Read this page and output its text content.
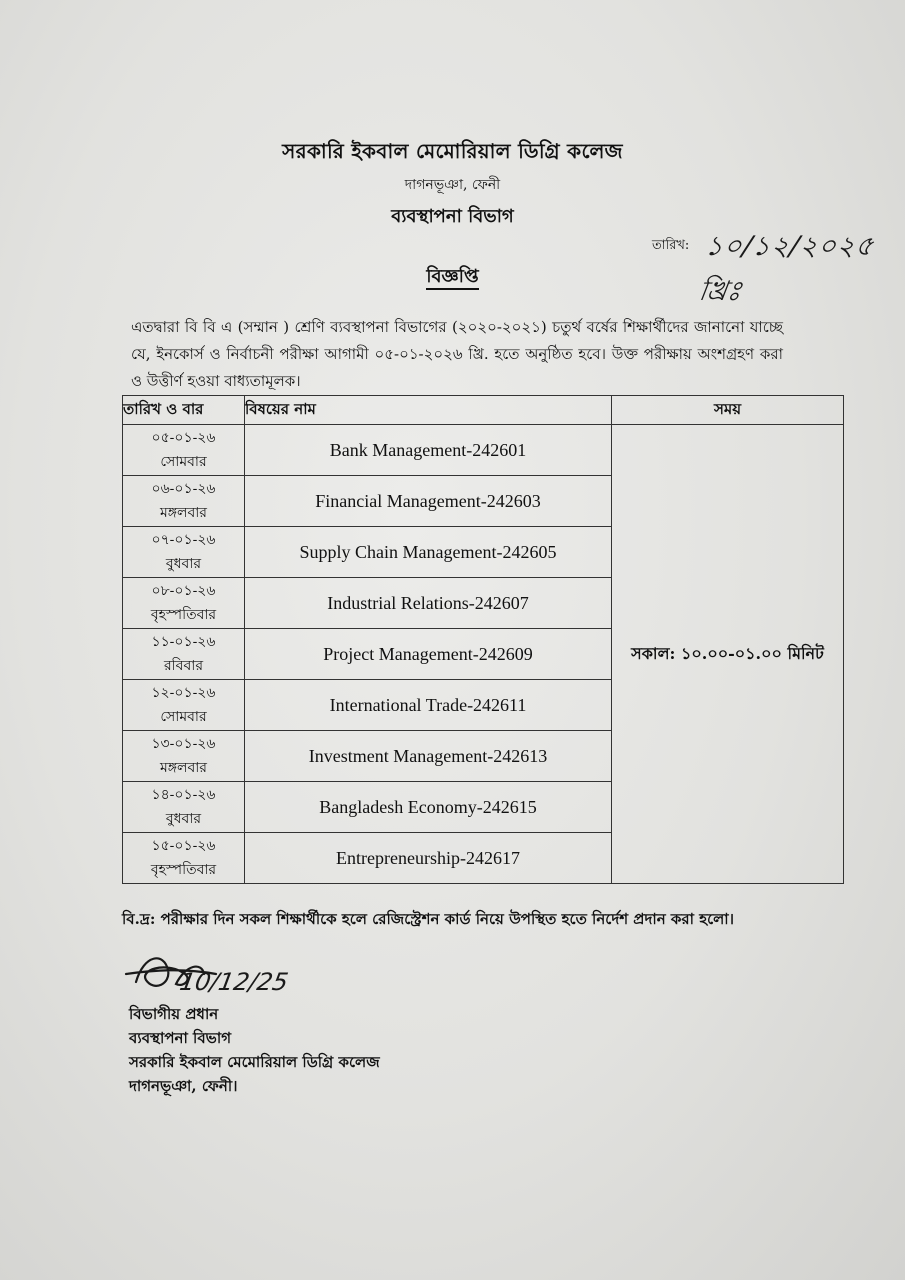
সরকারি ইকবাল মেমোরিয়াল ডিগ্রি কলেজ
দাগনভূঞা, ফেনী
ব্যবস্থাপনা বিভাগ
তারিখ: ১০/১২/২০২৫ খ্রিঃ
বিজ্ঞপ্তি
এতদ্বারা বি বি এ (সম্মান ) শ্রেণি ব্যবস্থাপনা বিভাগের (২০২০-২০২১) চতুর্থ বর্ষের শিক্ষার্থীদের জানানো যাচ্ছে যে, ইনকোর্স ও নির্বাচনী পরীক্ষা আগামী ০৫-০১-২০২৬ খ্রি. হতে অনুষ্ঠিত হবে। উক্ত পরীক্ষায় অংশগ্রহণ করা ও উত্তীর্ণ হওয়া বাধ্যতামূলক।
তারিখ ও বার	বিষয়ের নাম	সময়

০৫-০১-২৬
সোমবার	Bank Management-242601	সকাল: ১০.০০-০১.০০ মিনিট

০৬-০১-২৬
মঙ্গলবার	Financial Management-242603	

০৭-০১-২৬
বুধবার	Supply Chain Management-242605	

০৮-০১-২৬
বৃহস্পতিবার	Industrial Relations-242607	

১১-০১-২৬
রবিবার	Project Management-242609	

১২-০১-২৬
সোমবার	International Trade-242611	

১৩-০১-২৬
মঙ্গলবার	Investment Management-242613	

১৪-০১-২৬
বুধবার	Bangladesh Economy-242615	

১৫-০১-২৬
বৃহস্পতিবার	Entrepreneurship-242617	
বি.দ্র: পরীক্ষার দিন সকল শিক্ষার্থীকে হলে রেজিস্ট্রেশন কার্ড নিয়ে উপস্থিত হতে নির্দেশ প্রদান করা হলো।
10/12/25
বিভাগীয় প্রধান
ব্যবস্থাপনা বিভাগ
সরকারি ইকবাল মেমোরিয়াল ডিগ্রি কলেজ
দাগনভূঞা, ফেনী।
